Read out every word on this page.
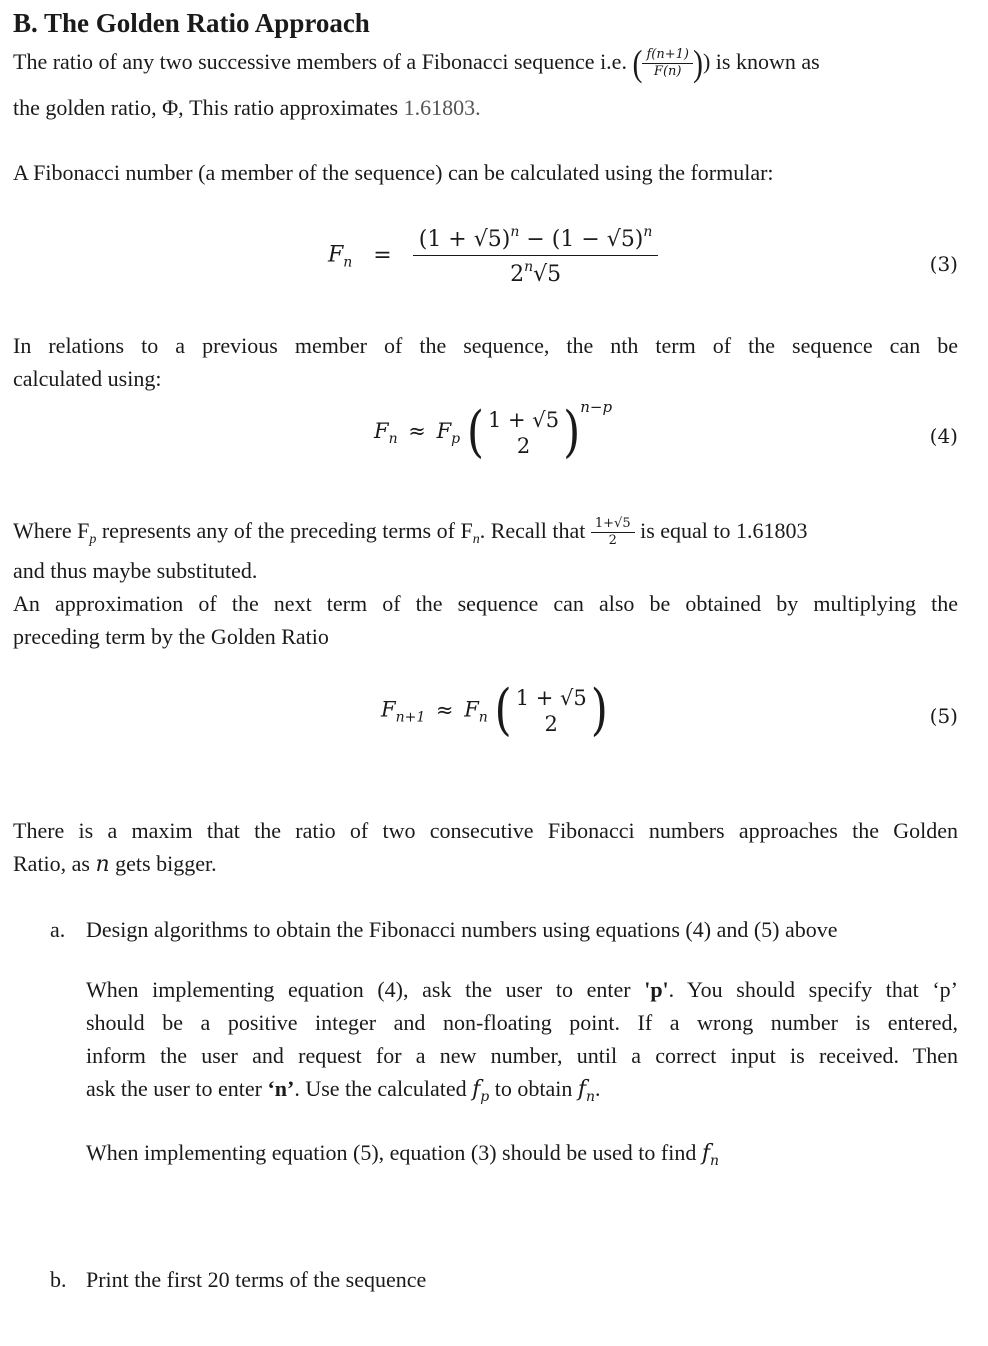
B. The Golden Ratio Approach
The ratio of any two successive members of a Fibonacci sequence i.e. ( $\frac{f(n+1)}{F(n)}$ )) is known as
the golden ratio, Φ, This ratio approximates 1.61803.
A Fibonacci number (a member of the sequence) can be calculated using the formular:
$F_n = \frac{(1 + √5)^n - (1 - √5)^n}{2^n√5}$	(3)
In relations to a previous member of the sequence, the nth term of the sequence can be
calculated using:
$F_n \approx F_p$ ( 1 + √5
2 )$^{n-p}$
(4)
Where $F_p$ represents any of the preceding terms of $F_n$. Recall that $\frac{1+√5}{2}$ is equal to 1.61803
and thus maybe substituted.
An approximation of the next term of the sequence can also be obtained by multiplying the
preceding term by the Golden Ratio
$F_{n+1} \approx F_n$ ( 1 + √5
2 )	(5)
There is a maxim that the ratio of two consecutive Fibonacci numbers approaches the Golden
Ratio, as n gets bigger.
a. Design algorithms to obtain the Fibonacci numbers using equations (4) and (5) above
When implementing equation (4), ask the user to enter 'p'. You should specify that ‘p’
should be a positive integer and non-floating point. If a wrong number is entered,
inform the user and request for a new number, until a correct input is received. Then
ask the user to enter ‘n’. Use the calculated $f_p$ to obtain $f_n$.
When implementing equation (5), equation (3) should be used to find $f_n$
b. Print the first 20 terms of the sequence
